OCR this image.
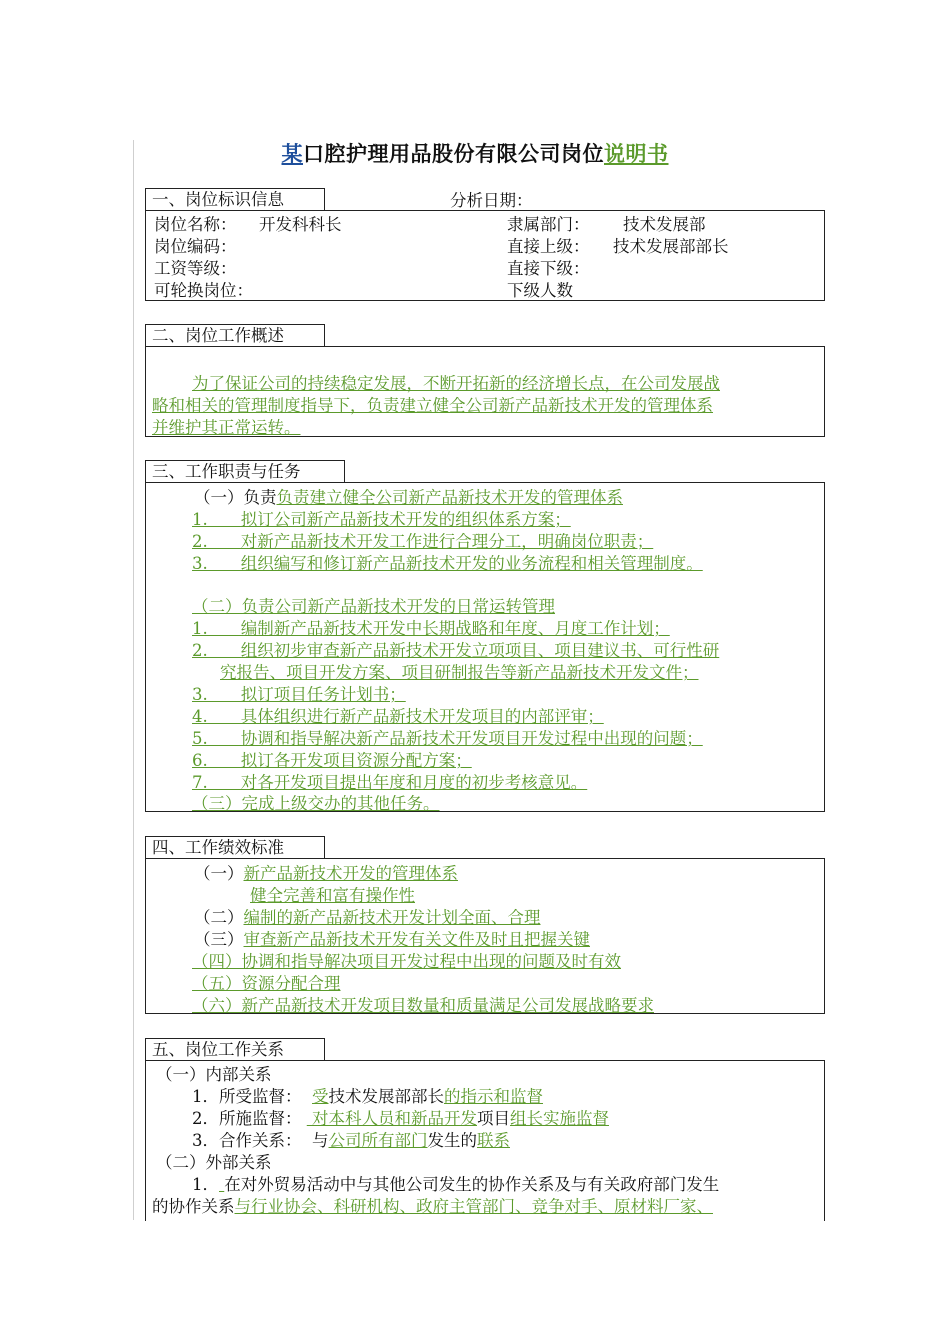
某口腔护理用品股份有限公司岗位说明书
一、岗位标识信息	分析日期：
岗位名称： 开发科科长	隶属部门： 技术发展部
岗位编码：	直接上级： 技术发展部部长
工资等级：	直接下级：
可轮换岗位：	下级人数
二、岗位工作概述
为了保证公司的持续稳定发展，不断开拓新的经济增长点，在公司发展战
略和相关的管理制度指导下，负责建立健全公司新产品新技术开发的管理体系
并维护其正常运转。
三、工作职责与任务
（一）负责负责建立健全公司新产品新技术开发的管理体系
1.　　拟订公司新产品新技术开发的组织体系方案；
2.　　对新产品新技术开发工作进行合理分工，明确岗位职责；
3.　　组织编写和修订新产品新技术开发的业务流程和相关管理制度。
（二）负责公司新产品新技术开发的日常运转管理
1.　　编制新产品新技术开发中长期战略和年度、月度工作计划；
2.　　组织初步审查新产品新技术开发立项项目、项目建议书、可行性研
究报告、项目开发方案、项目研制报告等新产品新技术开发文件；
3.　　拟订项目任务计划书；
4.　　具体组织进行新产品新技术开发项目的内部评审；
5.　　协调和指导解决新产品新技术开发项目开发过程中出现的问题；
6.　　拟订各开发项目资源分配方案；
7.　　对各开发项目提出年度和月度的初步考核意见。
（三）完成上级交办的其他任务。
四、工作绩效标准
（一）新产品新技术开发的管理体系
健全完善和富有操作性
（二）编制的新产品新技术开发计划全面、合理
（三）审查新产品新技术开发有关文件及时且把握关键
（四）协调和指导解决项目开发过程中出现的问题及时有效
（五）资源分配合理
（六）新产品新技术开发项目数量和质量满足公司发展战略要求
五、岗位工作关系
（一）内部关系
1．所受监督： 受技术发展部部长的指示和监督
2．所施监督：  对本科人员和新品开发项目组长实施监督
3．合作关系： 与公司所有部门发生的联系
（二）外部关系
1． 在对外贸易活动中与其他公司发生的协作关系及与有关政府部门发生
的协作关系与行业协会、科研机构、政府主管部门、竞争对手、原材料厂家、
